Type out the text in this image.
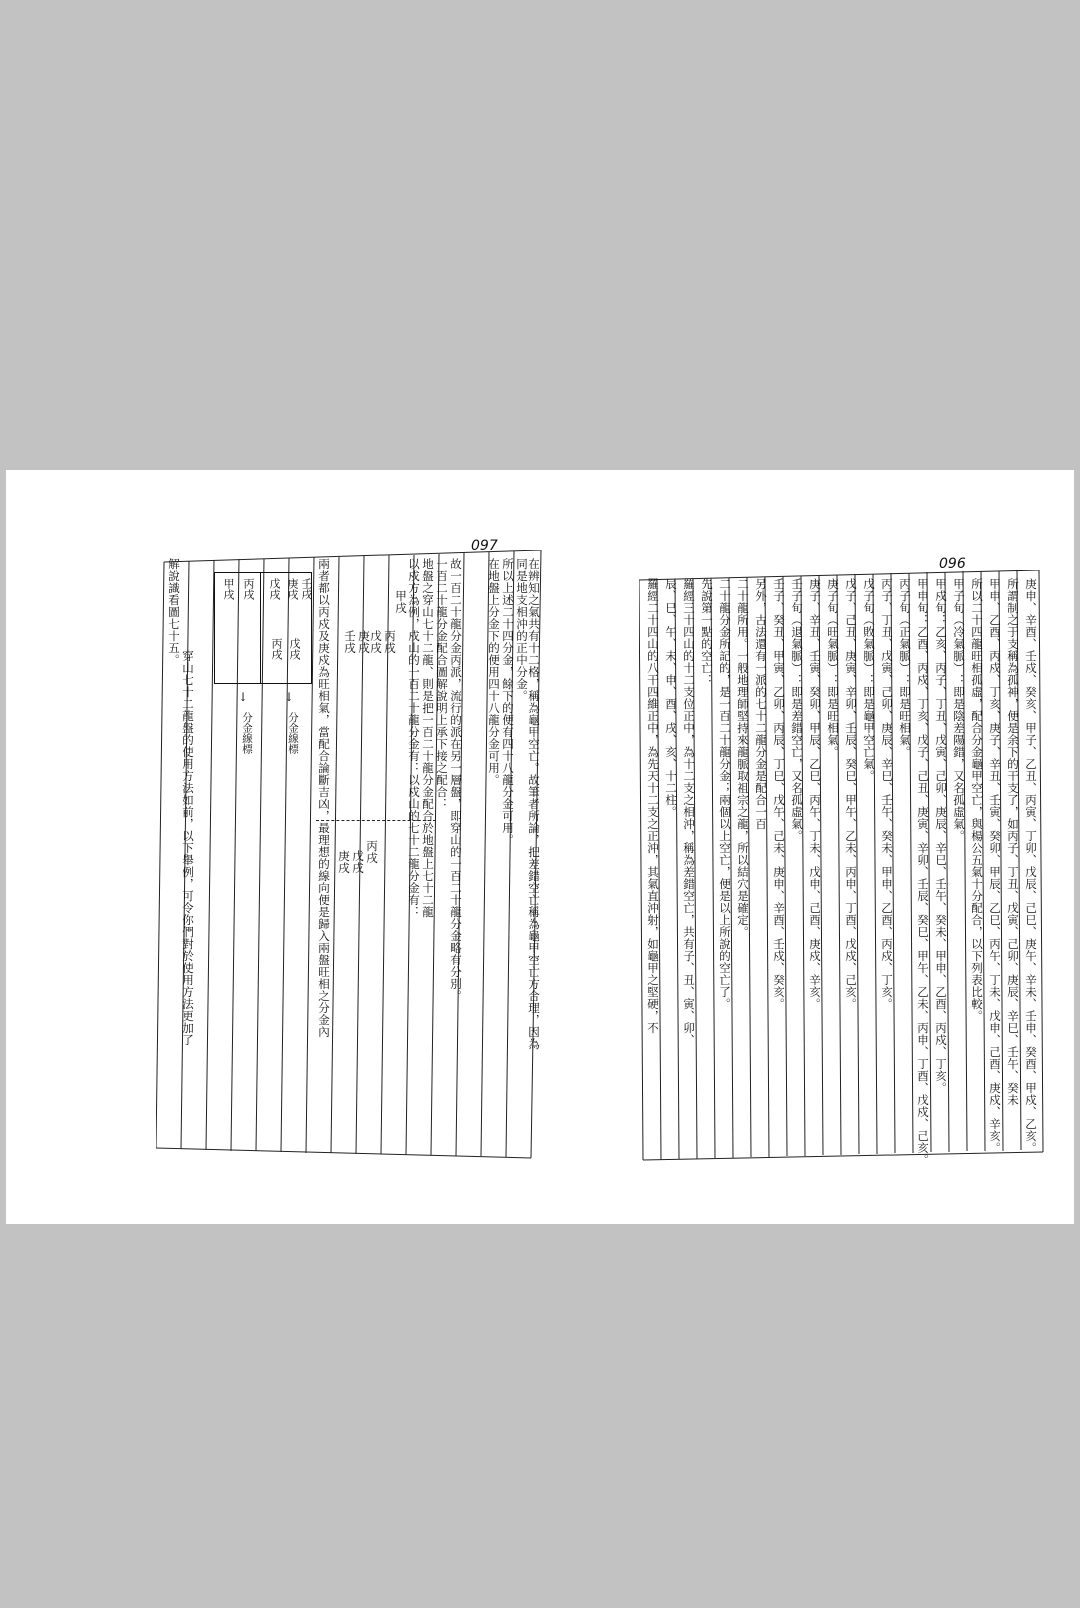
097
甲戌
丙戌
戊戌
庚戌
壬戌
丙戌
戊戌
庚戌	以戍方為例，戍山的一百二十龍分金有：以戍山的七十二龍分金有： 地盤之穿山七十二龍、則是把一百二十龍分金配合於地盤上七十二龍
兩者都以丙戍及庚戍為旺相氣，當配合論斷吉凶，最理想的線向便是歸入兩盤旺相之分金內	一百二十龍分金配合圖解說明上承下接之配合：	在地盤上分金下的便用四十八龍分金可用。 所以上述二十四分金，餘下的便有四十八龍分金可用。
故一百二十龍分金丙派，流行的派在另一層盤，即穿山的一百二十龍分金略有分別。	同是地支相沖的正中分金。
在辨知之氣共有十二格，稱為龜甲空亡。故筆者所論，把差錯空亡稱為龜甲空亡方合理，因為
解說識看圖七十五。
穿山七十二龍盤的使用方法如前，以下舉例，可令你們對於使用方法更加了
甲戌 丙戌 戊戌 庚戌 壬戌
丙戌 戊戌
↓	↓
分金線標	分金線標
096
庚申、辛酉、壬戍、癸亥、甲子、乙丑、丙寅、丁卯、戊辰、己巳、庚午、辛未、壬申、癸酉、甲戍、乙亥。
所謂制之于支稱為孤神，便是余下的干支了，如丙子、丁丑、戊寅、己卯、庚辰、辛巳、壬午、癸未
甲申、乙酉、丙戍、丁亥、庚子、辛丑、壬寅、癸卯、甲辰、乙巳、丙午、丁未、戊申、己酉、庚戍、辛亥。
所以二十四龍旺相孤虛，配合分金龜甲空亡，與楊公五氣十分配合，以下列表比較。
甲子旬（冷氣脈）：即是陰差陽錯，又名孤虛氣。
甲戍旬：乙亥、丙子、丁丑、戊寅、己卯、庚辰、辛巳、壬午、癸未、甲申、乙酉、丙戍、丁亥。
甲申旬：乙酉、丙戍、丁亥、戊子、己丑、庚寅、辛卯、壬辰、癸巳、甲午、乙未、丙申、丁酉、戊戍、己亥。
丙子旬（正氣脈）：即是旺相氣。
丙子、丁丑、戊寅、己卯、庚辰、辛巳、壬午、癸未、甲申、乙酉、丙戍、丁亥。
戊子旬（敗氣脈）：即是龜甲空亡氣。
戊子、己丑、庚寅、辛卯、壬辰、癸巳、甲午、乙未、丙申、丁酉、戊戍、己亥。
庚子旬（旺氣脈）：即是旺相氣。
庚子、辛丑、壬寅、癸卯、甲辰、乙巳、丙午、丁未、戊申、己酉、庚戍、辛亥。
壬子旬（退氣脈）：即是差錯空亡，又名孤虛氣。
壬子、癸丑、甲寅、乙卯、丙辰、丁巳、戊午、己未、庚申、辛酉、壬戍、癸亥。
另外，古法還有一派的七十二龍分金是配合一百
二十龍所用。一般地理師堅持來龍脈取祖宗之龍，所以結穴是確定。
二十龍分金所記的，是一百二十龍分金；兩個以上空亡，便是以上所說的空亡了。
先說第一點的空亡：
羅經三十四山的十二支位正中，為十二支之相沖，稱為差錯空亡，共有子、丑、寅、卯、
辰、巳、午、未、申、酉、戌、亥、十二柱。
羅經二十四山的八干四維正中，為先天十二支之正沖，其氣直沖射，如龜甲之堅硬，不
